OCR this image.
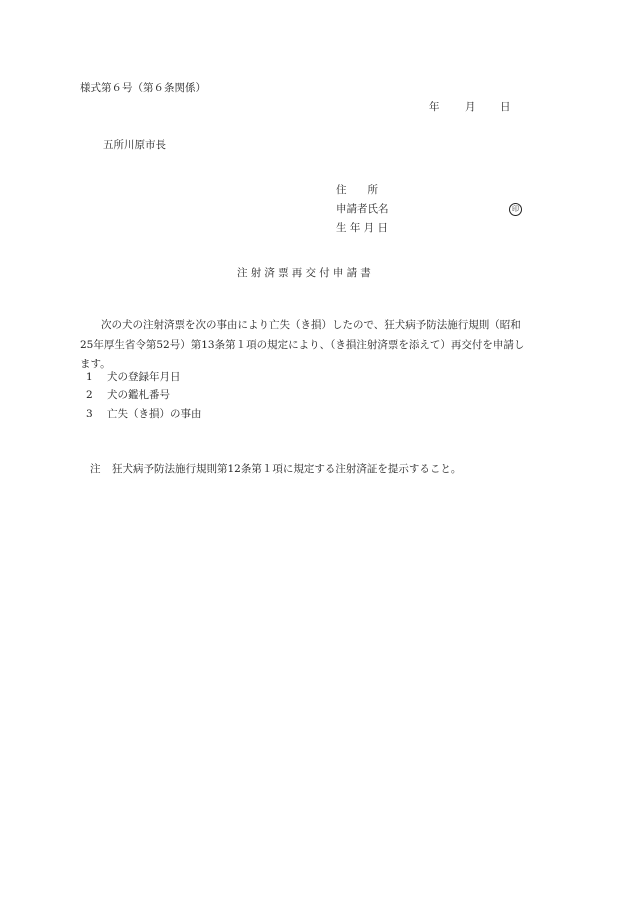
様式第６号（第６条関係）
年 月 日
五所川原市長
住　　所
申請者氏名	印
生 年 月 日
注射済票再交付申請書
次の犬の注射済票を次の事由により亡失（き損）したので、狂犬病予防法施行規則（昭和25年厚生省令第52号）第13条第１項の規定により、（き損注射済票を添えて）再交付を申請します。
1 犬の登録年月日
2 犬の鑑札番号
3 亡失（き損）の事由
注 狂犬病予防法施行規則第12条第１項に規定する注射済証を提示すること。
